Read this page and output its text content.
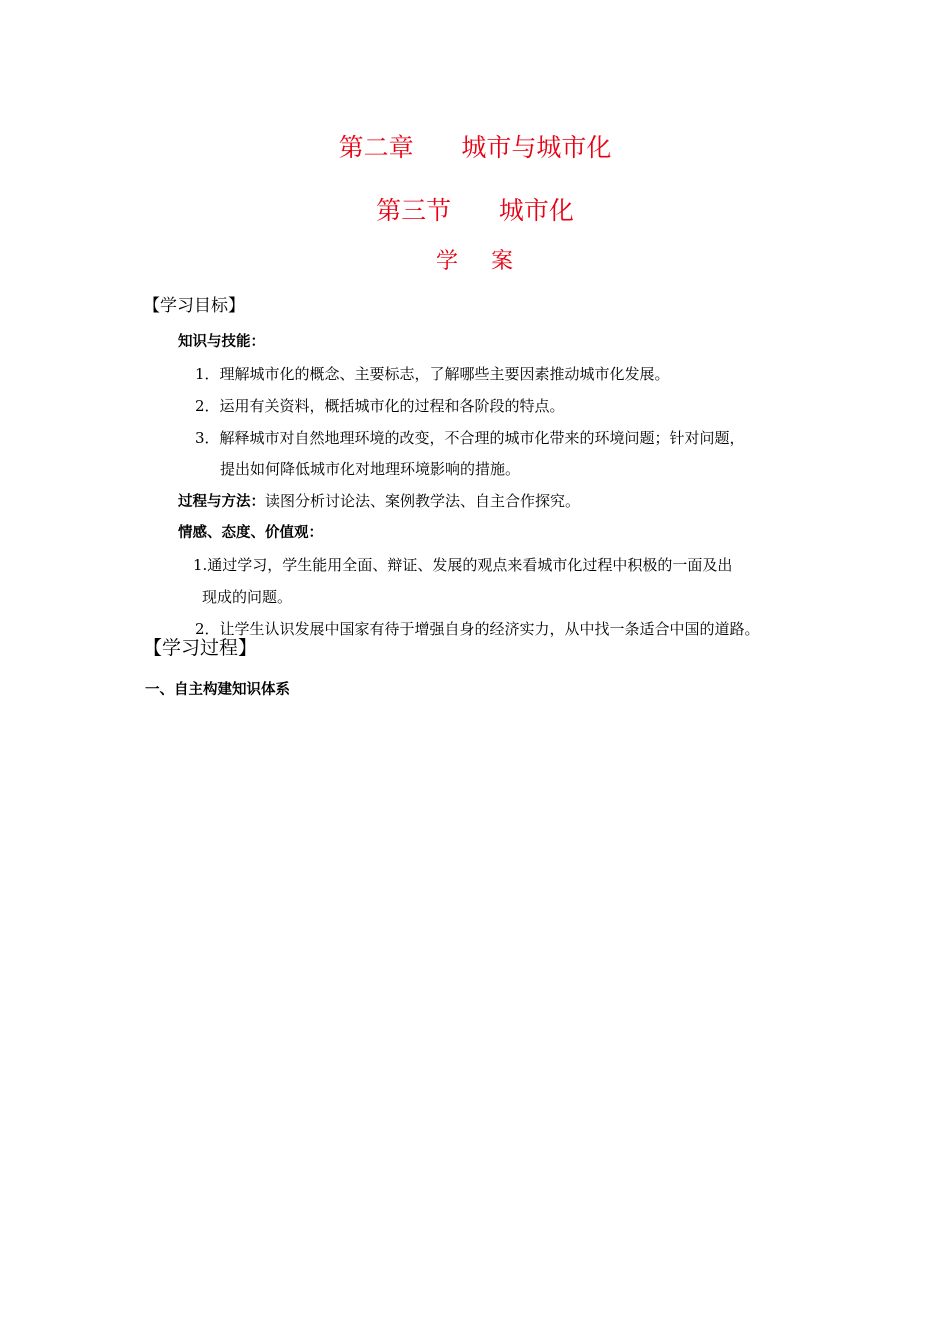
第二章      城市与城市化
第三节      城市化
学    案
【学习目标】
知识与技能：
1．理解城市化的概念、主要标志，了解哪些主要因素推动城市化发展。
2．运用有关资料，概括城市化的过程和各阶段的特点。
3．解释城市对自然地理环境的改变，不合理的城市化带来的环境问题；针对问题，
提出如何降低城市化对地理环境影响的措施。
过程与方法：读图分析讨论法、案例教学法、自主合作探究。
情感、态度、价值观：
1.通过学习，学生能用全面、辩证、发展的观点来看城市化过程中积极的一面及出
现成的问题。
2．让学生认识发展中国家有待于增强自身的经济实力，从中找一条适合中国的道路。
【学习过程】
一、自主构建知识体系
